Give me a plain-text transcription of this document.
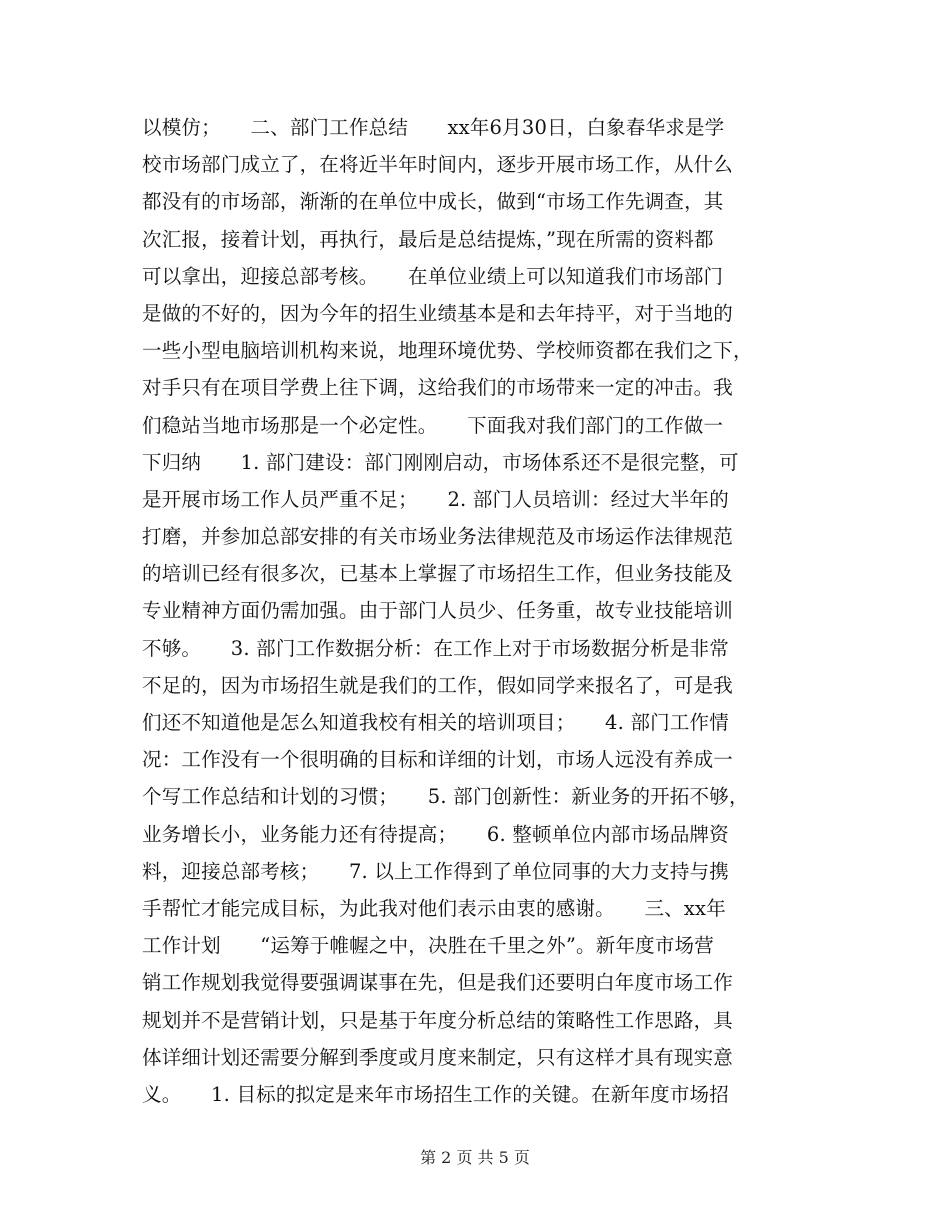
以模仿；　　二、部门工作总结　　xx年6月30日，白象春华求是学
校市场部门成立了，在将近半年时间内，逐步开展市场工作，从什么
都没有的市场部，渐渐的在单位中成长，做到“市场工作先调查，其
次汇报，接着计划，再执行，最后是总结提炼，”现在所需的资料都
可以拿出，迎接总部考核。　　在单位业绩上可以知道我们市场部门
是做的不好的，因为今年的招生业绩基本是和去年持平，对于当地的
一些小型电脑培训机构来说，地理环境优势、学校师资都在我们之下，
对手只有在项目学费上往下调，这给我们的市场带来一定的冲击。我
们稳站当地市场那是一个必定性。　　下面我对我们部门的工作做一
下归纳　　1. 部门建设：部门刚刚启动，市场体系还不是很完整，可
是开展市场工作人员严重不足；　　2. 部门人员培训：经过大半年的
打磨，并参加总部安排的有关市场业务法律规范及市场运作法律规范
的培训已经有很多次，已基本上掌握了市场招生工作，但业务技能及
专业精神方面仍需加强。由于部门人员少、任务重，故专业技能培训
不够。　　3. 部门工作数据分析：在工作上对于市场数据分析是非常
不足的，因为市场招生就是我们的工作，假如同学来报名了，可是我
们还不知道他是怎么知道我校有相关的培训项目；　　4. 部门工作情
况：工作没有一个很明确的目标和详细的计划，市场人远没有养成一
个写工作总结和计划的习惯；　　5. 部门创新性：新业务的开拓不够，
业务增长小，业务能力还有待提高；　　6. 整顿单位内部市场品牌资
料，迎接总部考核；　　7. 以上工作得到了单位同事的大力支持与携
手帮忙才能完成目标，为此我对他们表示由衷的感谢。　　三、xx年
工作计划　　“运筹于帷幄之中，决胜在千里之外”。新年度市场营
销工作规划我觉得要强调谋事在先，但是我们还要明白年度市场工作
规划并不是营销计划，只是基于年度分析总结的策略性工作思路，具
体详细计划还需要分解到季度或月度来制定，只有这样才具有现实意
义。　　1. 目标的拟定是来年市场招生工作的关键。在新年度市场招
第 2 页 共 5 页
